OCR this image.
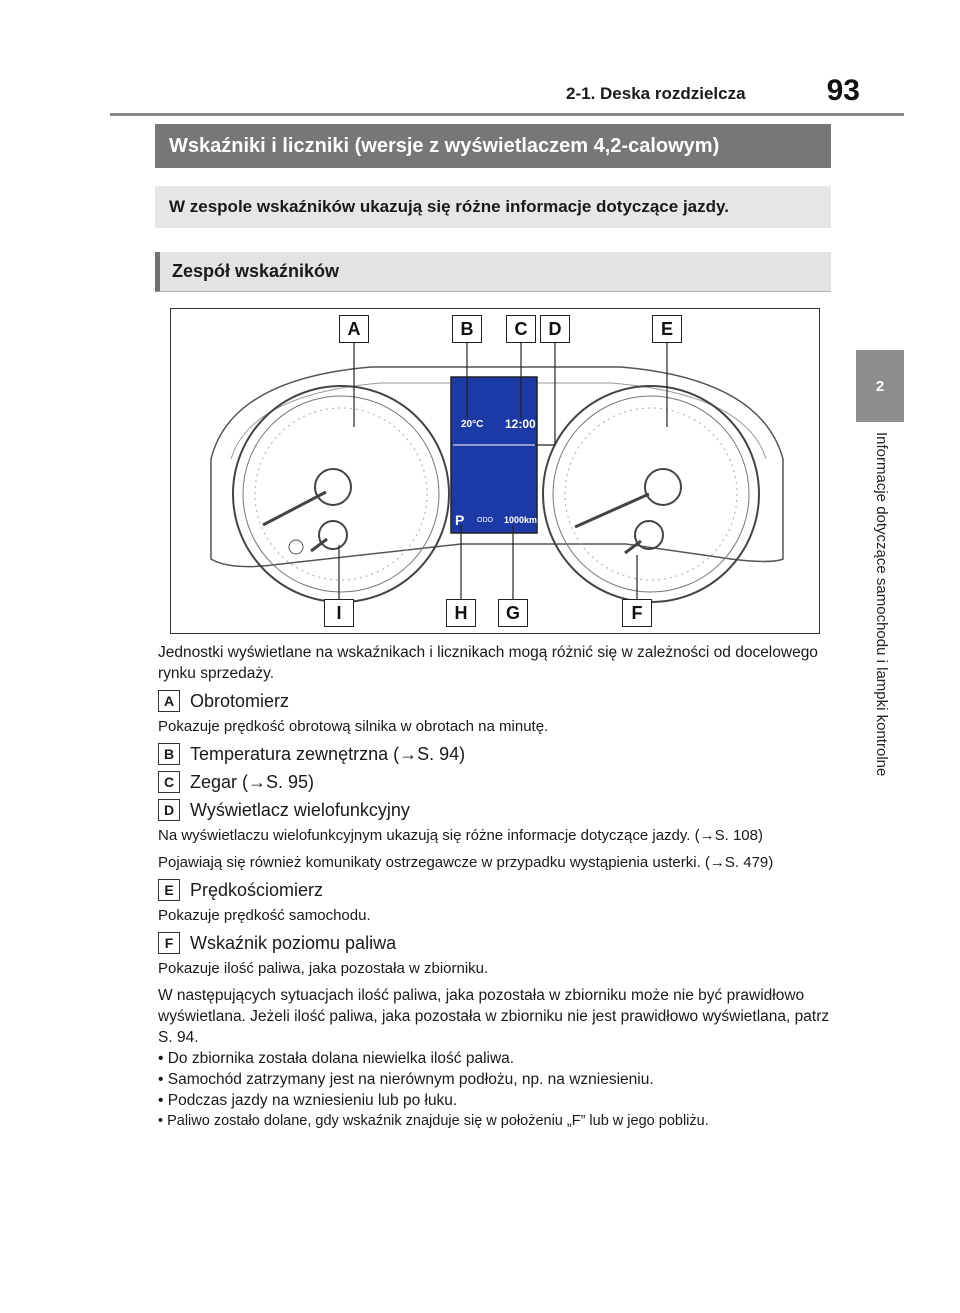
2-1. Deska rozdzielcza	93
2
Informacje dotyczące samochodu i lampki kontrolne
Wskaźniki i liczniki (wersje z wyświetlaczem 4,2-calowym)
W zespole wskaźników ukazują się różne informacje dotyczące jazdy.
Zespół wskaźników
20°C 12:00
P ODO 1000km
A	B	C	D	E
I	H	G	F

Jednostki wyświetlane na wskaźnikach i licznikach mogą różnić się w zależności od docelowego rynku sprzedaży.

A Obrotomierz

Pokazuje prędkość obrotową silnika w obrotach na minutę.

B Temperatura zewnętrzna (→S. 94)
C Zegar (→S. 95)
D Wyświetlacz wielofunkcyjny

Na wyświetlaczu wielofunkcyjnym ukazują się różne informacje dotyczące jazdy. (→S. 108)

Pojawiają się również komunikaty ostrzegawcze w przypadku wystąpienia usterki. (→S. 479)

E Prędkościomierz

Pokazuje prędkość samochodu.

F Wskaźnik poziomu paliwa

Pokazuje ilość paliwa, jaka pozostała w zbiorniku.

W następujących sytuacjach ilość paliwa, jaka pozostała w zbiorniku może nie być prawidłowo wyświetlana. Jeżeli ilość paliwa, jaka pozostała w zbiorniku nie jest prawidłowo wyświetlana, patrz S. 94.

• Do zbiornika została dolana niewielka ilość paliwa.
• Samochód zatrzymany jest na nierównym podłożu, np. na wzniesieniu.
• Podczas jazdy na wzniesieniu lub po łuku.
• Paliwo zostało dolane, gdy wskaźnik znajduje się w położeniu „F” lub w jego pobliżu.
